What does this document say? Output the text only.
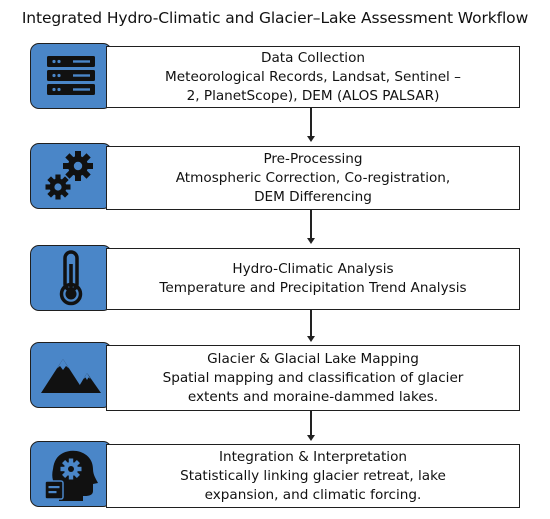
Integrated Hydro-Climatic and Glacier–Lake Assessment Workflow
Data Collection
Meteorological Records, Landsat, Sentinel –
2, PlanetScope), DEM (ALOS PALSAR)
Pre-Processing
Atmospheric Correction, Co-registration,
DEM Differencing
Hydro-Climatic Analysis
Temperature and Precipitation Trend Analysis
Glacier & Glacial Lake Mapping
Spatial mapping and classification of glacier
extents and moraine-dammed lakes.
Integration & Interpretation
Statistically linking glacier retreat, lake
expansion, and climatic forcing.
